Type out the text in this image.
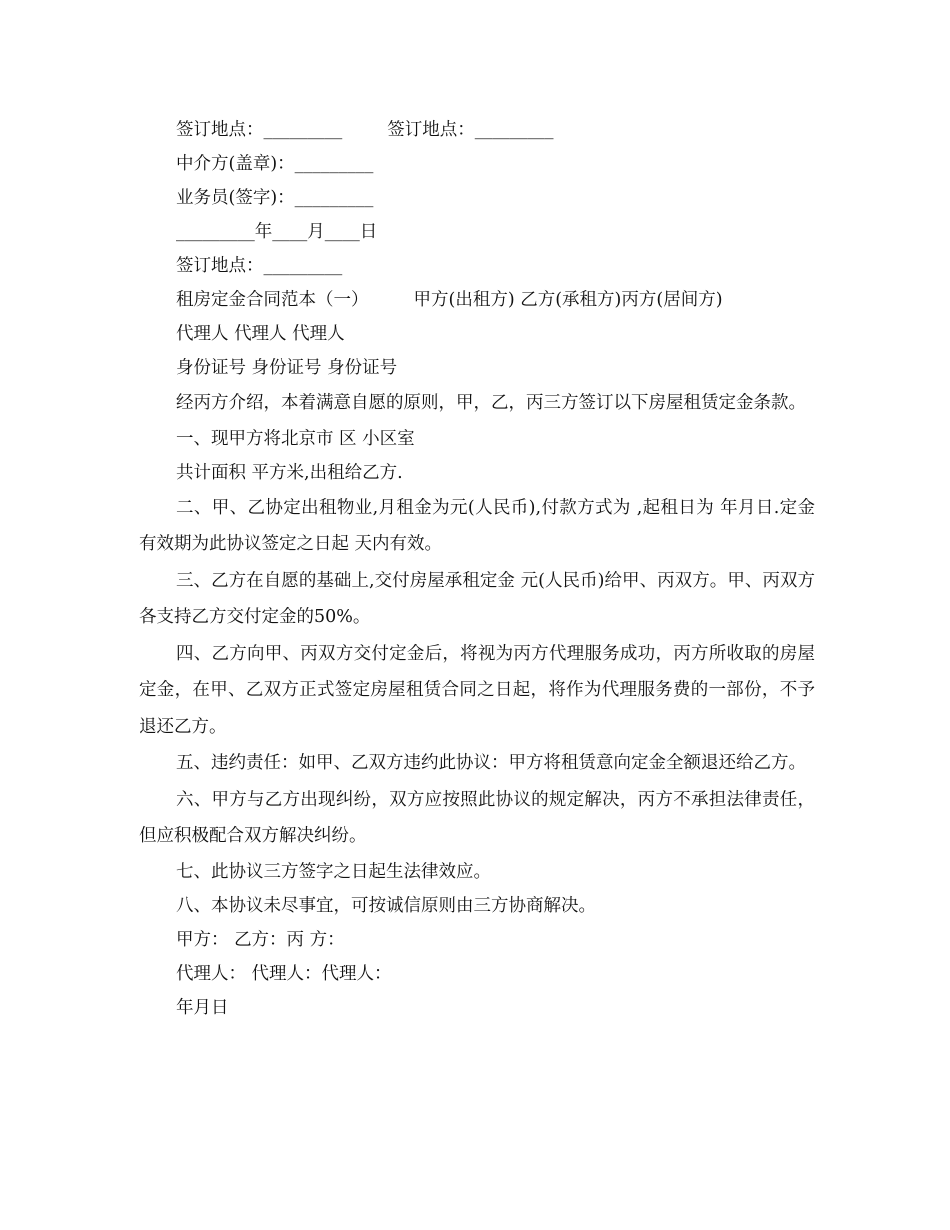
签订地点：_________	签订地点：_________
中介方(盖章)：_________
业务员(签字)：_________
_________年____月____日
签订地点：_________
租房定金合同范本（一）	甲方(出租方) 乙方(承租方)丙方(居间方)
代理人 代理人 代理人
身份证号 身份证号 身份证号

经丙方介绍，本着满意自愿的原则，甲，乙，丙三方签订以下房屋租赁定金条款。

一、现甲方将北京市 区 小区室

共计面积 平方米,出租给乙方.

二、甲、乙协定出租物业,月租金为元(人民币),付款方式为 ,起租日为 年月日.定金有效期为此协议签定之日起 天内有效。

三、乙方在自愿的基础上,交付房屋承租定金 元(人民币)给甲、丙双方。甲、丙双方各支持乙方交付定金的50%。

四、乙方向甲、丙双方交付定金后，将视为丙方代理服务成功，丙方所收取的房屋定金，在甲、乙双方正式签定房屋租赁合同之日起，将作为代理服务费的一部份，不予退还乙方。

五、违约责任：如甲、乙双方违约此协议：甲方将租赁意向定金全额退还给乙方。

六、甲方与乙方出现纠纷，双方应按照此协议的规定解决，丙方不承担法律责任，但应积极配合双方解决纠纷。

七、此协议三方签字之日起生法律效应。

八、本协议未尽事宜，可按诚信原则由三方协商解决。

甲方： 乙方：丙 方：
代理人： 代理人：代理人：
年月日
